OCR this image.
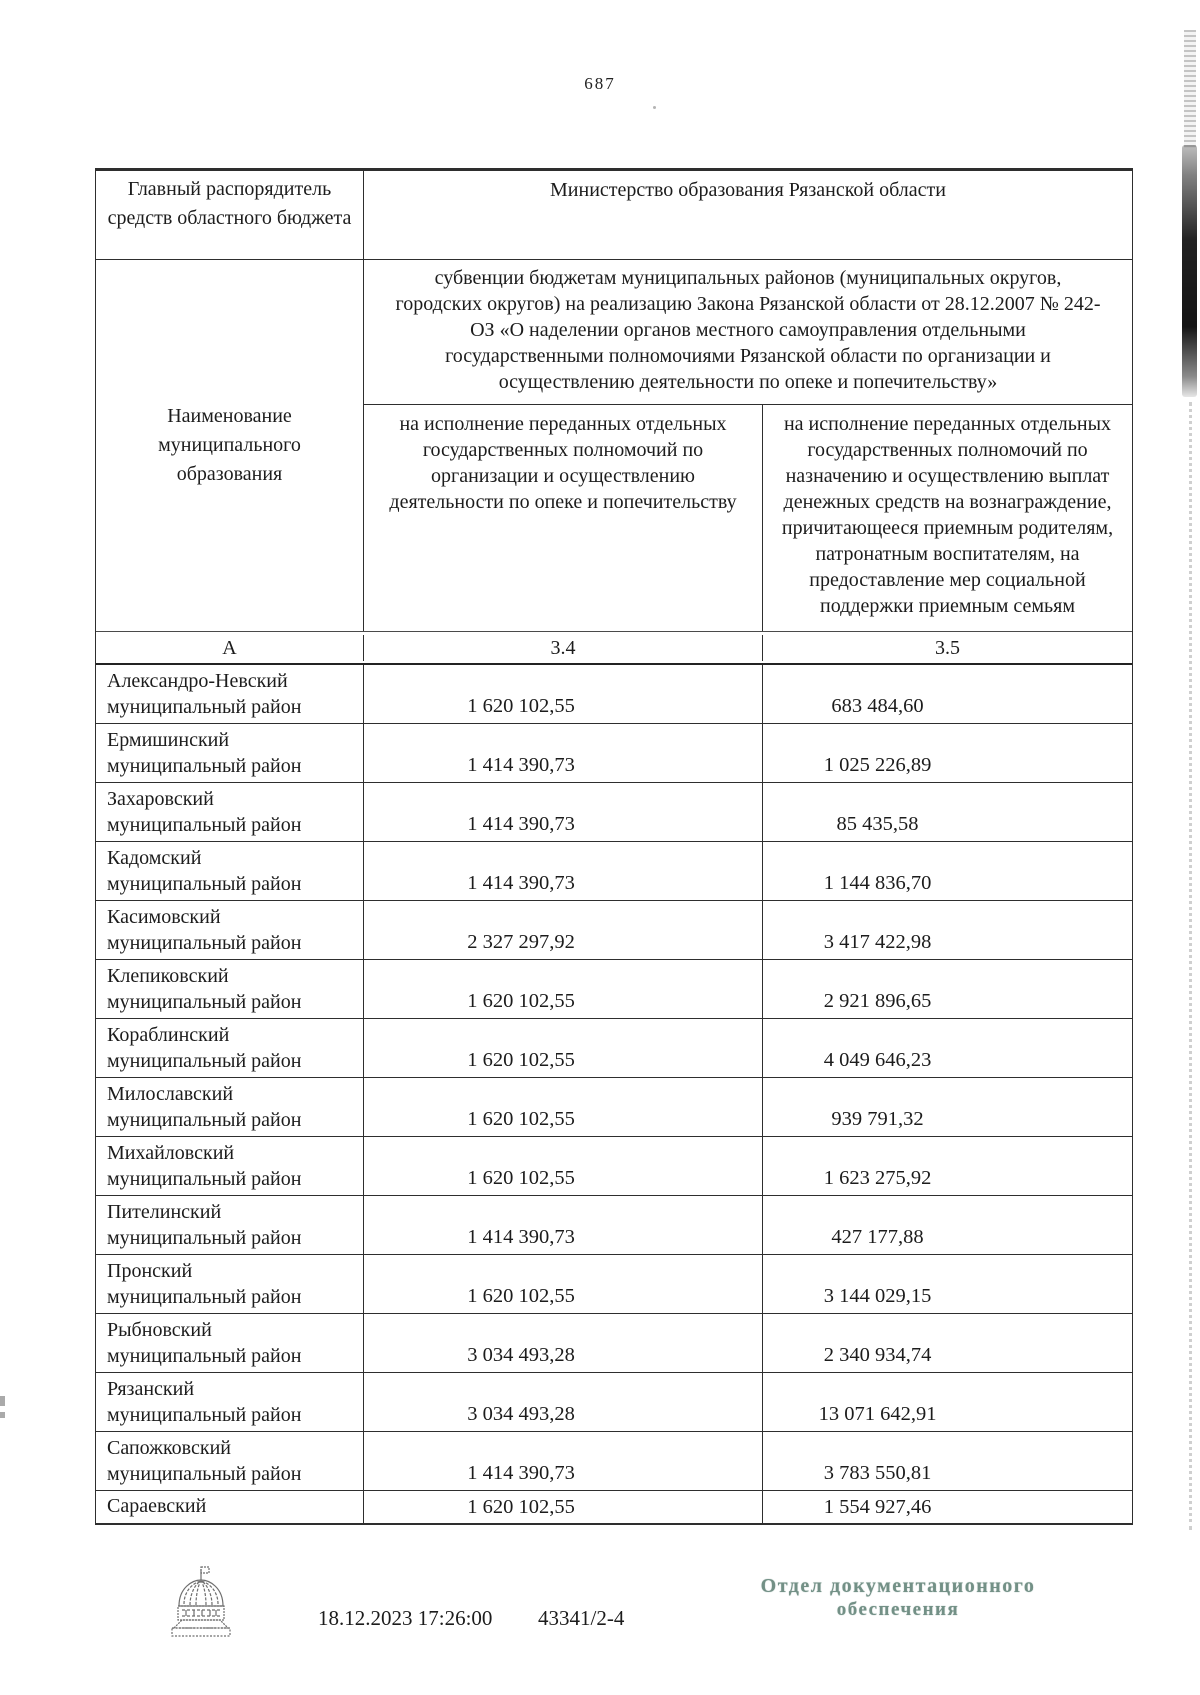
687
Главный распорядитель средств областного бюджета
Министерство образования Рязанской области
Наименование муниципального образования
субвенции бюджетам муниципальных районов (муниципальных округов, городских округов) на реализацию Закона Рязанской области от 28.12.2007 № 242-ОЗ «О наделении органов местного самоуправления отдельными государственными полномочиями Рязанской области по организации и осуществлению деятельности по опеке и попечительству»
на исполнение переданных отдельных государственных полномочий по организации и осуществлению деятельности по опеке и попечительству
на исполнение переданных отдельных государственных полномочий по назначению и осуществлению выплат денежных средств на вознаграждение, причитающееся приемным родителям, патронатным воспитателям, на предоставление мер социальной поддержки приемным семьям
А	3.4	3.5
Александро-Невский
муниципальный район	1 620 102,55	683 484,60
Ермишинский
муниципальный район	1 414 390,73	1 025 226,89
Захаровский
муниципальный район	1 414 390,73	85 435,58
Кадомский
муниципальный район	1 414 390,73	1 144 836,70
Касимовский
муниципальный район	2 327 297,92	3 417 422,98
Клепиковский
муниципальный район	1 620 102,55	2 921 896,65
Кораблинский
муниципальный район	1 620 102,55	4 049 646,23
Милославский
муниципальный район	1 620 102,55	939 791,32
Михайловский
муниципальный район	1 620 102,55	1 623 275,92
Пителинский
муниципальный район	1 414 390,73	427 177,88
Пронский
муниципальный район	1 620 102,55	3 144 029,15
Рыбновский
муниципальный район	3 034 493,28	2 340 934,74
Рязанский
муниципальный район	3 034 493,28	13 071 642,91
Сапожковский
муниципальный район	1 414 390,73	3 783 550,81
Сараевский	1 620 102,55	1 554 927,46
18.12.2023 17:26:00 43341/2-4
Отдел документационного
обеспечения
